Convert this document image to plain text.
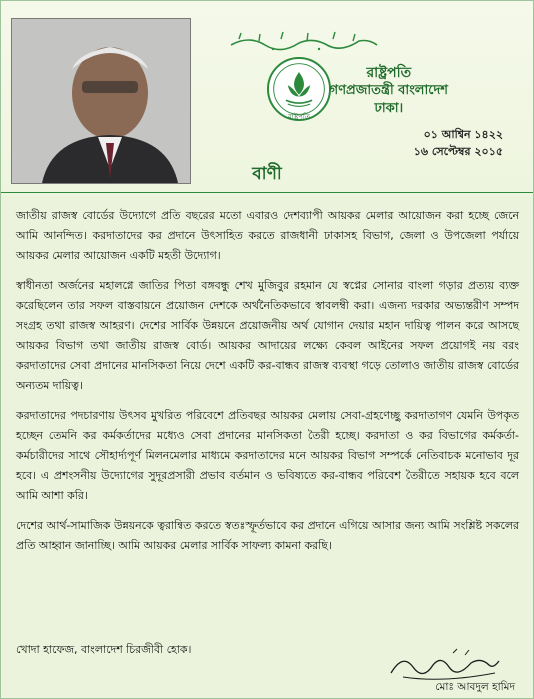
রাষ্ট্রপতি
রাষ্ট্রপতি
গণপ্রজাতন্ত্রী বাংলাদেশ
ঢাকা।
০১ আশ্বিন ১৪২২
১৬ সেপ্টেম্বর ২০১৫
বাণী

জাতীয় রাজস্ব বোর্ডের উদ্যোগে প্রতি বছরের মতো এবারও দেশব্যাপী আয়কর মেলার আয়োজন করা হচ্ছে জেনে আমি আনন্দিত। করদাতাদের কর প্রদানে উৎসাহিত করতে রাজধানী ঢাকাসহ বিভাগ, জেলা ও উপজেলা পর্যায়ে আয়কর মেলার আয়োজন একটি মহতী উদ্যোগ।

স্বাধীনতা অর্জনের মহালগ্নে জাতির পিতা বঙ্গবন্ধু শেখ মুজিবুর রহমান যে স্বপ্নের সোনার বাংলা গড়ার প্রত্যয় ব্যক্ত করেছিলেন তার সফল বাস্তবায়নে প্রয়োজন দেশকে অর্থনৈতিকভাবে স্বাবলম্বী করা। এজন্য দরকার অভ্যন্তরীণ সম্পদ সংগ্রহ তথা রাজস্ব আহরণ। দেশের সার্বিক উন্নয়নে প্রয়োজনীয় অর্থ যোগান দেয়ার মহান দায়িত্ব পালন করে আসছে আয়কর বিভাগ তথা জাতীয় রাজস্ব বোর্ড। আয়কর আদায়ের লক্ষ্যে কেবল আইনের সফল প্রয়োগই নয় বরং করদাতাদের সেবা প্রদানের মানসিকতা নিয়ে দেশে একটি কর-বান্ধব রাজস্ব ব্যবস্থা গড়ে তোলাও জাতীয় রাজস্ব বোর্ডের অন্যতম দায়িত্ব।

করদাতাদের পদচারণায় উৎসব মুখরিত পরিবেশে প্রতিবছর আয়কর মেলায় সেবা-গ্রহণেচ্ছু করদাতাগণ যেমনি উপকৃত হচ্ছেন তেমনি কর কর্মকর্তাদের মধ্যেও সেবা প্রদানের মানসিকতা তৈরী হচ্ছে। করদাতা ও কর বিভাগের কর্মকর্তা-কর্মচারীদের সাথে সৌহার্দ্যপূর্ণ মিলনমেলার মাধ্যমে করদাতাদের মনে আয়কর বিভাগ সম্পর্কে নেতিবাচক মনোভাব দূর হবে। এ প্রশংসনীয় উদ্যোগের সুদূরপ্রসারী প্রভাব বর্তমান ও ভবিষ্যতে কর-বান্ধব পরিবেশ তৈরীতে সহায়ক হবে বলে আমি আশা করি।

দেশের আর্থ-সামাজিক উন্নয়নকে ত্বরান্বিত করতে স্বতঃস্ফূর্তভাবে কর প্রদানে এগিয়ে আসার জন্য আমি সংশ্লিষ্ট সকলের প্রতি আহ্বান জানাচ্ছি। আমি আয়কর মেলার সার্বিক সাফল্য কামনা করছি।

খোদা হাফেজ, বাংলাদেশ চিরজীবী হোক।
মোঃ আবদুল হামিদ
